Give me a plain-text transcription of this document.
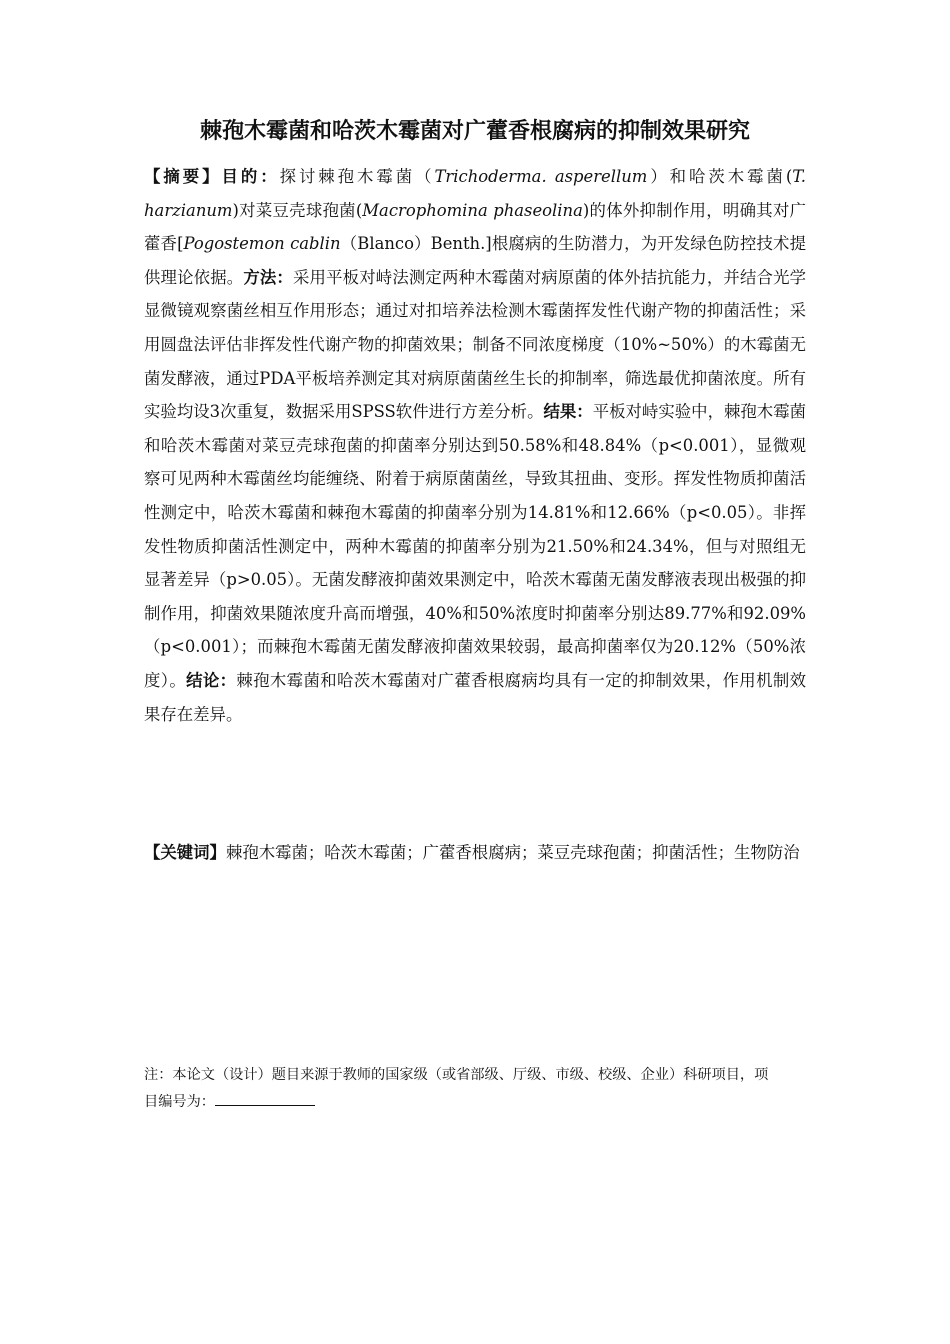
棘孢木霉菌和哈茨木霉菌对广藿香根腐病的抑制效果研究

【摘要】目的：探讨棘孢木霉菌（Trichoderma. asperellum）和哈茨木霉菌(T. harzianum)对菜豆壳球孢菌(Macrophomina phaseolina)的体外抑制作用，明确其对广藿香[Pogostemon cablin（Blanco）Benth.]根腐病的生防潜力，为开发绿色防控技术提供理论依据。方法：采用平板对峙法测定两种木霉菌对病原菌的体外拮抗能力，并结合光学显微镜观察菌丝相互作用形态；通过对扣培养法检测木霉菌挥发性代谢产物的抑菌活性；采用圆盘法评估非挥发性代谢产物的抑菌效果；制备不同浓度梯度（10%~50%）的木霉菌无菌发酵液，通过PDA平板培养测定其对病原菌菌丝生长的抑制率，筛选最优抑菌浓度。所有实验均设3次重复，数据采用SPSS软件进行方差分析。结果：平板对峙实验中，棘孢木霉菌和哈茨木霉菌对菜豆壳球孢菌的抑菌率分别达到50.58%和48.84%（p<0.001），显微观察可见两种木霉菌丝均能缠绕、附着于病原菌菌丝，导致其扭曲、变形。挥发性物质抑菌活性测定中，哈茨木霉菌和棘孢木霉菌的抑菌率分别为14.81%和12.66%（p<0.05）。非挥发性物质抑菌活性测定中，两种木霉菌的抑菌率分别为21.50%和24.34%，但与对照组无显著差异（p>0.05）。无菌发酵液抑菌效果测定中，哈茨木霉菌无菌发酵液表现出极强的抑制作用，抑菌效果随浓度升高而增强，40%和50%浓度时抑菌率分别达89.77%和92.09%（p<0.001）；而棘孢木霉菌无菌发酵液抑菌效果较弱，最高抑菌率仅为20.12%（50%浓度）。结论：棘孢木霉菌和哈茨木霉菌对广藿香根腐病均具有一定的抑制效果，作用机制效果存在差异。

【关键词】棘孢木霉菌；哈茨木霉菌；广藿香根腐病；菜豆壳球孢菌；抑菌活性；生物防治

注：本论文（设计）题目来源于教师的国家级（或省部级、厅级、市级、校级、企业）科研项目，项目编号为：
